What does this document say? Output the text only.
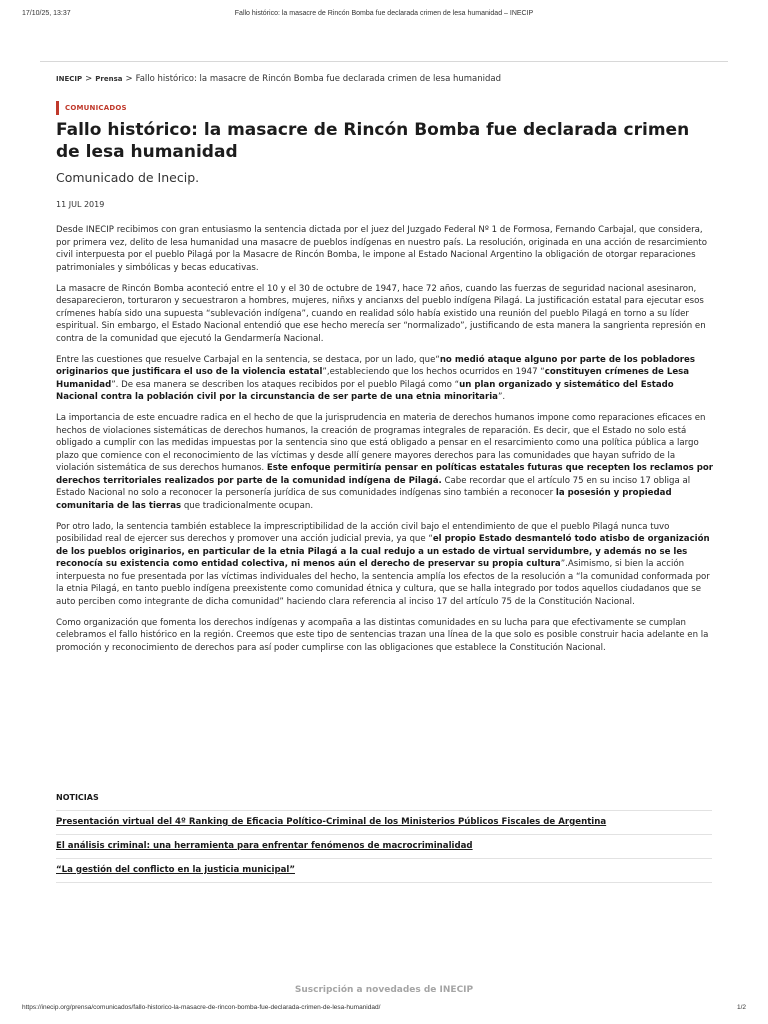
17/10/25, 13:37	Fallo histórico: la masacre de Rincón Bomba fue declarada crimen de lesa humanidad – INECIP
INECIP > Prensa > Fallo histórico: la masacre de Rincón Bomba fue declarada crimen de lesa humanidad
COMUNICADOS
Fallo histórico: la masacre de Rincón Bomba fue declarada crimen de lesa humanidad
Comunicado de Inecip.
11 JUL 2019

Desde INECIP recibimos con gran entusiasmo la sentencia dictada por el juez del Juzgado Federal Nº 1 de Formosa, Fernando Carbajal, que considera, por primera vez, delito de lesa humanidad una masacre de pueblos indígenas en nuestro país. La resolución, originada en una acción de resarcimiento civil interpuesta por el pueblo Pilagá por la Masacre de Rincón Bomba, le impone al Estado Nacional Argentino la obligación de otorgar reparaciones patrimoniales y simbólicas y becas educativas.

La masacre de Rincón Bomba aconteció entre el 10 y el 30 de octubre de 1947, hace 72 años, cuando las fuerzas de seguridad nacional asesinaron, desaparecieron, torturaron y secuestraron a hombres, mujeres, niñxs y ancianxs del pueblo indígena Pilagá. La justificación estatal para ejecutar esos crímenes había sido una supuesta “sublevación indígena”, cuando en realidad sólo había existido una reunión del pueblo Pilagá en torno a su líder espiritual. Sin embargo, el Estado Nacional entendió que ese hecho merecía ser “normalizado”, justificando de esta manera la sangrienta represión en contra de la comunidad que ejecutó la Gendarmería Nacional.

Entre las cuestiones que resuelve Carbajal en la sentencia, se destaca, por un lado, que“no medió ataque alguno por parte de los pobladores originarios que justificara el uso de la violencia estatal”,estableciendo que los hechos ocurridos en 1947 “constituyen crímenes de Lesa Humanidad”. De esa manera se describen los ataques recibidos por el pueblo Pilagá como “un plan organizado y sistemático del Estado Nacional contra la población civil por la circunstancia de ser parte de una etnia minoritaria”.

La importancia de este encuadre radica en el hecho de que la jurisprudencia en materia de derechos humanos impone como reparaciones eficaces en hechos de violaciones sistemáticas de derechos humanos, la creación de programas integrales de reparación. Es decir, que el Estado no solo está obligado a cumplir con las medidas impuestas por la sentencia sino que está obligado a pensar en el resarcimiento como una política pública a largo plazo que comience con el reconocimiento de las víctimas y desde allí genere mayores derechos para las comunidades que hayan sufrido de la violación sistemática de sus derechos humanos. Este enfoque permitiría pensar en políticas estatales futuras que recepten los reclamos por derechos territoriales realizados por parte de la comunidad indígena de Pilagá. Cabe recordar que el artículo 75 en su inciso 17 obliga al Estado Nacional no solo a reconocer la personería jurídica de sus comunidades indígenas sino también a reconocer la posesión y propiedad comunitaria de las tierras que tradicionalmente ocupan.

Por otro lado, la sentencia también establece la imprescriptibilidad de la acción civil bajo el entendimiento de que el pueblo Pilagá nunca tuvo posibilidad real de ejercer sus derechos y promover una acción judicial previa, ya que “el propio Estado desmanteló todo atisbo de organización de los pueblos originarios, en particular de la etnia Pilagá a la cual redujo a un estado de virtual servidumbre, y además no se les reconocía su existencia como entidad colectiva, ni menos aún el derecho de preservar su propia cultura”.Asimismo, si bien la acción interpuesta no fue presentada por las víctimas individuales del hecho, la sentencia amplía los efectos de la resolución a “la comunidad conformada por la etnia Pilagá, en tanto pueblo indígena preexistente como comunidad étnica y cultura, que se halla integrado por todos aquellos ciudadanos que se auto perciben como integrante de dicha comunidad” haciendo clara referencia al inciso 17 del artículo 75 de la Constitución Nacional.

Como organización que fomenta los derechos indígenas y acompaña a las distintas comunidades en su lucha para que efectivamente se cumplan celebramos el fallo histórico en la región. Creemos que este tipo de sentencias trazan una línea de la que solo es posible construir hacia adelante en la promoción y reconocimiento de derechos para así poder cumplirse con las obligaciones que establece la Constitución Nacional.

NOTICIAS
Presentación virtual del 4º Ranking de Eficacia Político-Criminal de los Ministerios Públicos Fiscales de Argentina
El análisis criminal: una herramienta para enfrentar fenómenos de macrocriminalidad
“La gestión del conflicto en la justicia municipal”
Suscripción a novedades de INECIP
https://inecip.org/prensa/comunicados/fallo-historico-la-masacre-de-rincon-bomba-fue-declarada-crimen-de-lesa-humanidad/	1/2
